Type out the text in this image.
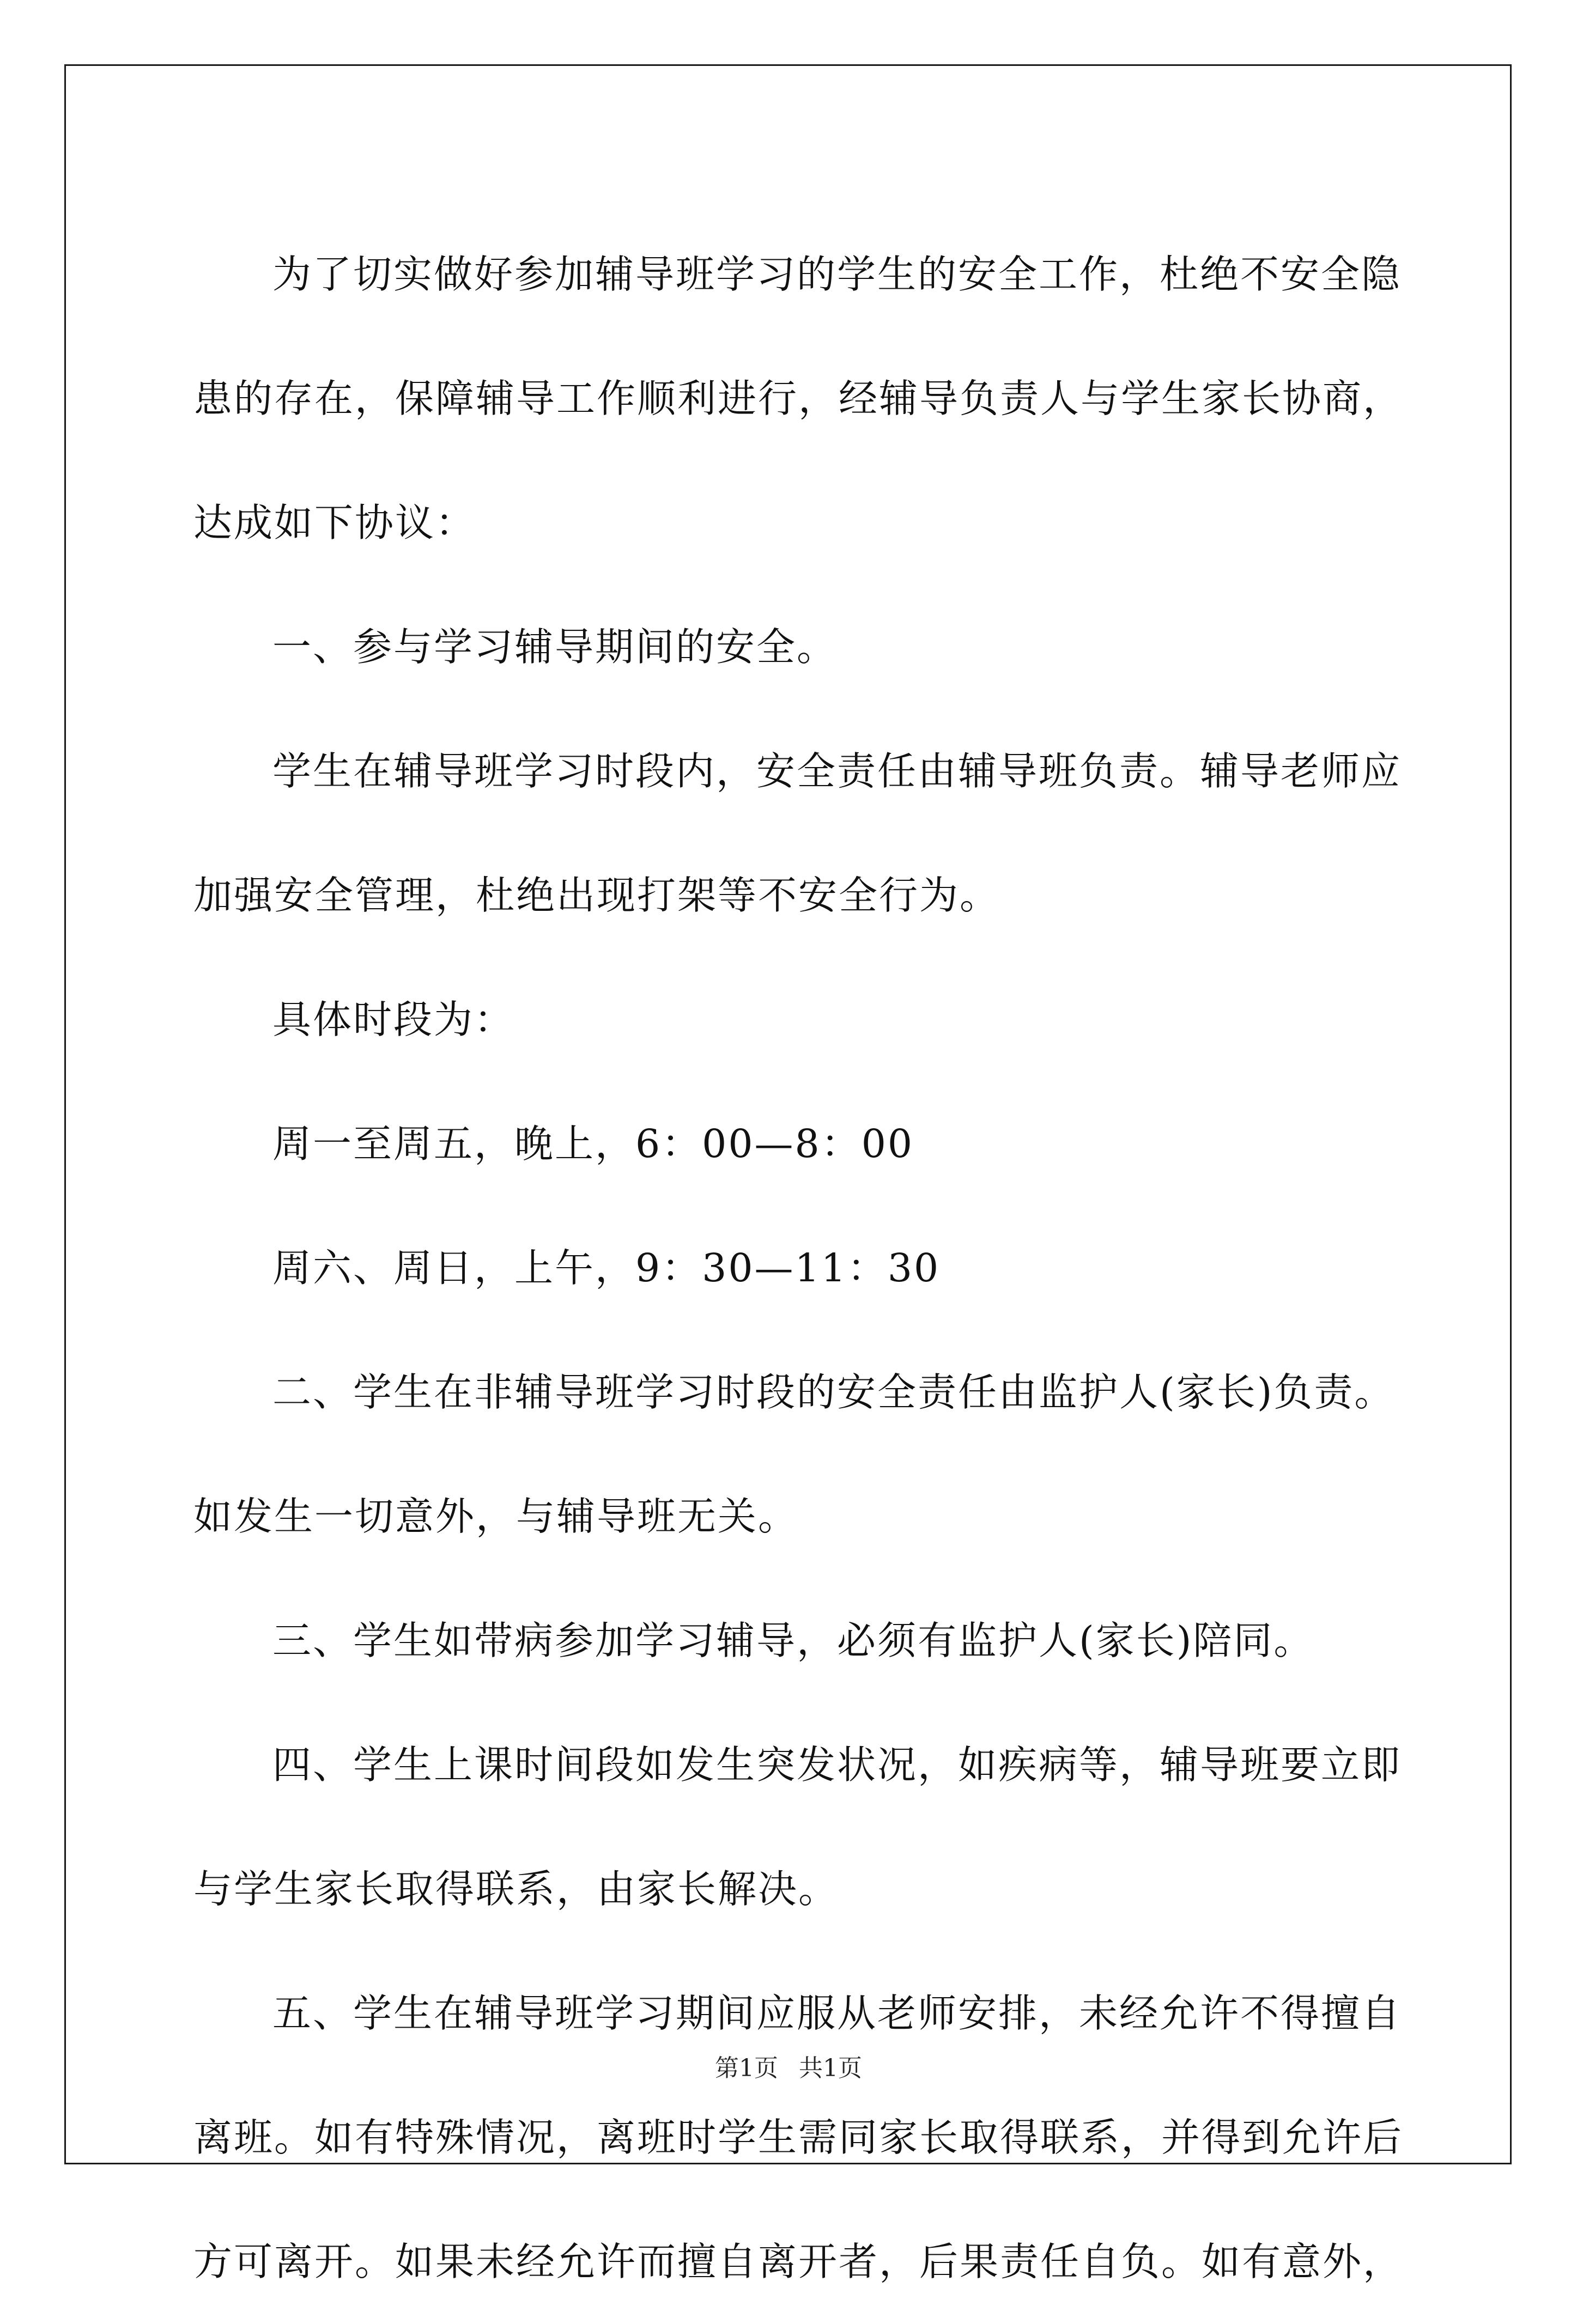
为了切实做好参加辅导班学习的学生的安全工作，杜绝不安全隐

患的存在，保障辅导工作顺利进行，经辅导负责人与学生家长协商，

达成如下协议：

一、参与学习辅导期间的安全。

学生在辅导班学习时段内，安全责任由辅导班负责。辅导老师应

加强安全管理，杜绝出现打架等不安全行为。

具体时段为：

周一至周五，晚上，6：00—8：00

周六、周日，上午，9：30—11：30

二、学生在非辅导班学习时段的安全责任由监护人(家长)负责。

如发生一切意外，与辅导班无关。

三、学生如带病参加学习辅导，必须有监护人(家长)陪同。

四、学生上课时间段如发生突发状况，如疾病等，辅导班要立即

与学生家长取得联系，由家长解决。

五、学生在辅导班学习期间应服从老师安排，未经允许不得擅自

离班。如有特殊情况，离班时学生需同家长取得联系，并得到允许后

方可离开。如果未经允许而擅自离开者，后果责任自负。如有意外，

第1页 共1页
